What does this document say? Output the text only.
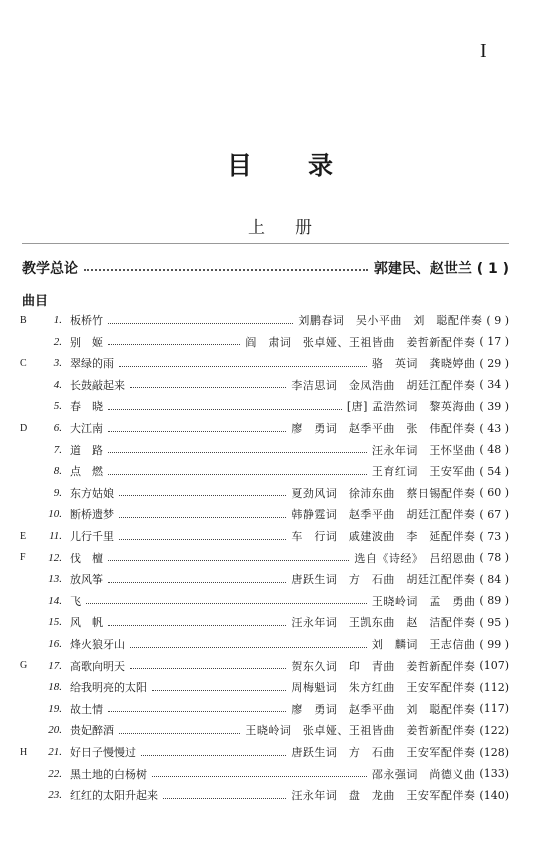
I
目录
上册
教学总论	郭建民、赵世兰 ( 1 )
曲目
B	1. 板桥竹	刘鹏春词　吴小平曲　刘　聪配伴奏 ( 9 )
2. 别　姬	阎　肃词　张卓娅、王祖皆曲　姜哲新配伴奏 ( 17 )
C	3. 翠绿的雨	骆　英词　龚晓婷曲 ( 29 )
4. 长鼓敲起来	李洁思词　金凤浩曲　胡廷江配伴奏 ( 34 )
5. 春　晓	[唐] 孟浩然词　黎英海曲 ( 39 )
D	6. 大江南	廖　勇词　赵季平曲　张　伟配伴奏 ( 43 )
7. 道　路	汪永年词　王怀坚曲 ( 48 )
8. 点　燃	王育红词　王安军曲 ( 54 )
9. 东方姑娘	夏劲风词　徐沛东曲　蔡日锡配伴奏 ( 60 )
10. 断桥遗梦	韩静霆词　赵季平曲　胡廷江配伴奏 ( 67 )
E	11. 儿行千里	车　行词　戚建波曲　李　延配伴奏 ( 73 )
F	12. 伐　檀	选自《诗经》　吕绍恩曲 ( 78 )
13. 放风筝	唐跃生词　方　石曲　胡廷江配伴奏 ( 84 )
14. 飞	王晓岭词　孟　勇曲 ( 89 )
15. 风　帆	汪永年词　王凯东曲　赵　洁配伴奏 ( 95 )
16. 烽火狼牙山	刘　麟词　王志信曲 ( 99 )
G	17. 高歌向明天	贺东久词　印　青曲　姜哲新配伴奏 (107)
18. 给我明亮的太阳	周梅魁词　朱方红曲　王安军配伴奏 (112)
19. 故土情	廖　勇词　赵季平曲　刘　聪配伴奏 (117)
20. 贵妃醉酒	王晓岭词　张卓娅、王祖皆曲　姜哲新配伴奏 (122)
H	21. 好日子慢慢过	唐跃生词　方　石曲　王安军配伴奏 (128)
22. 黑土地的白杨树	邵永强词　尚德义曲 (133)
23. 红红的太阳升起来	汪永年词　盘　龙曲　王安军配伴奏 (140)
